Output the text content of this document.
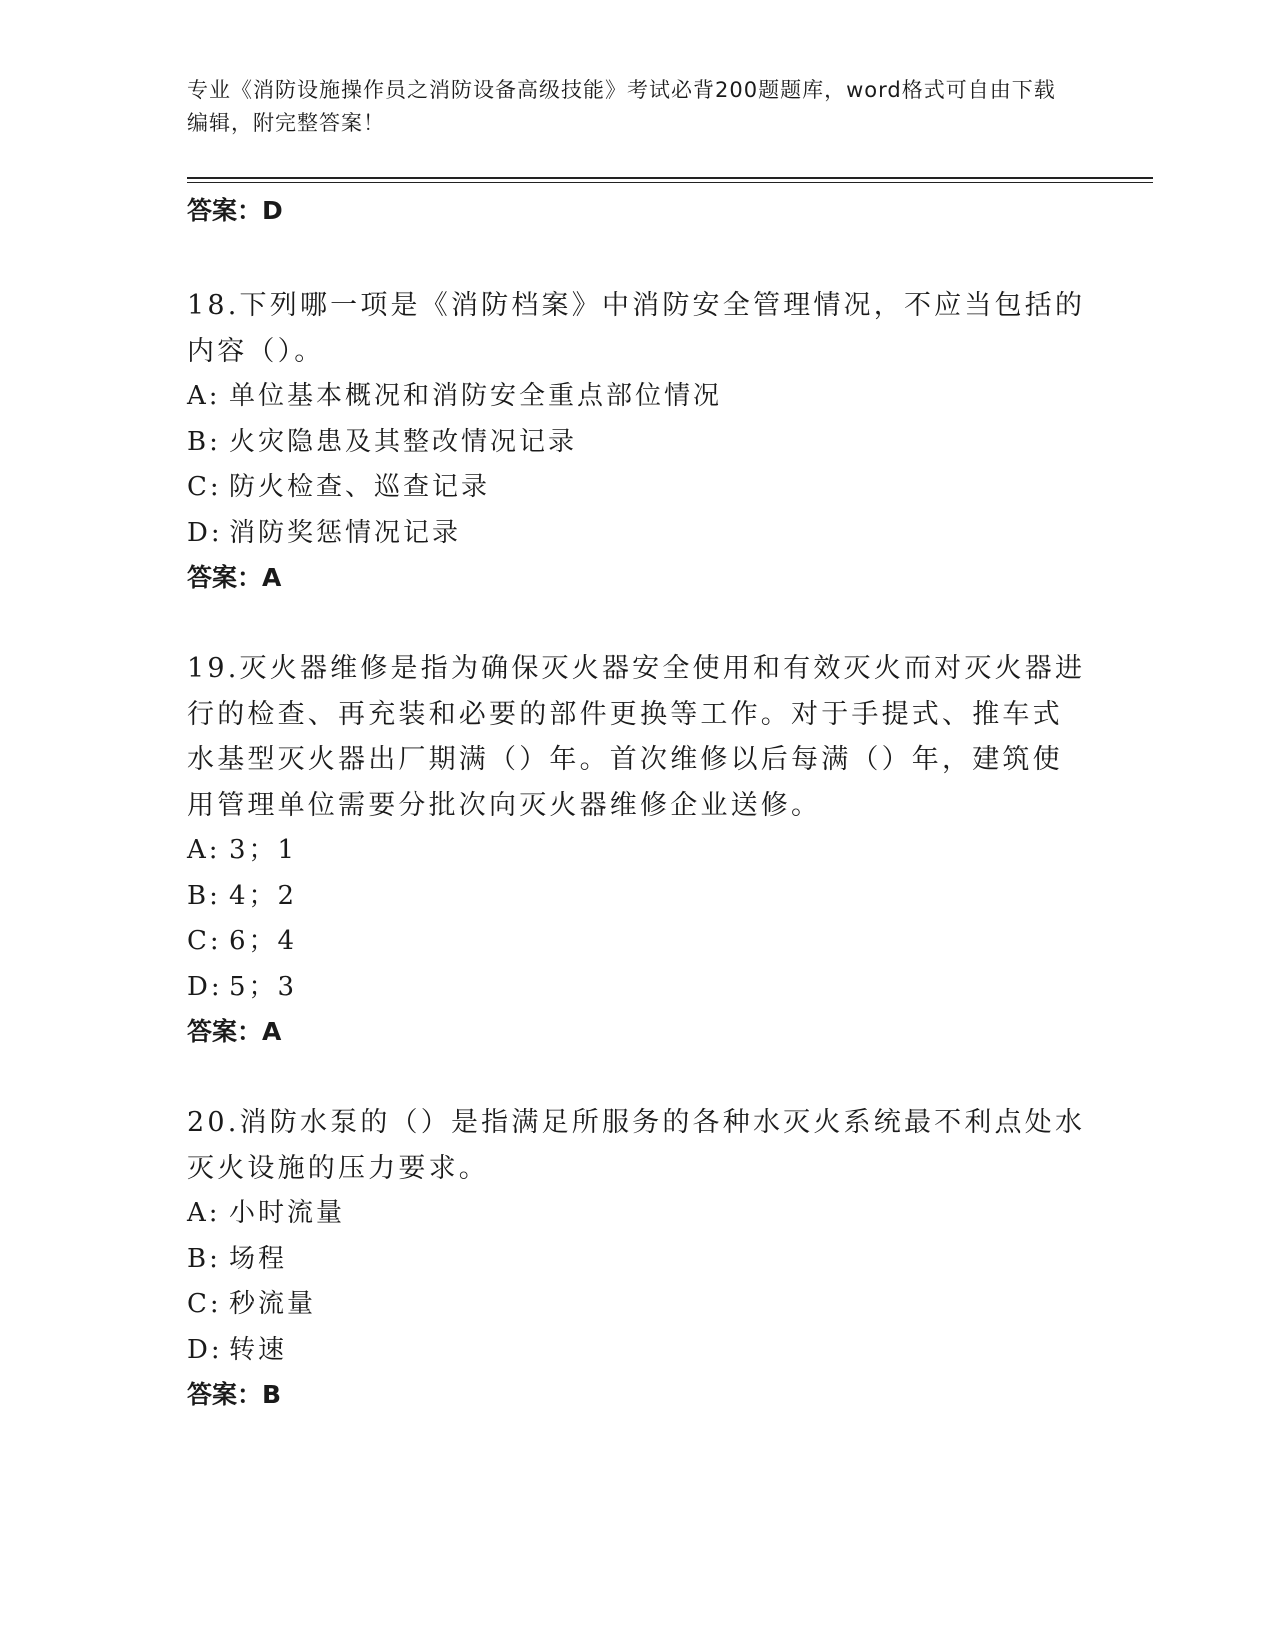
专业《消防设施操作员之消防设备高级技能》考试必背200题题库，word格式可自由下载编辑，附完整答案！
答案：D

18.下列哪一项是《消防档案》中消防安全管理情况，不应当包括的内容（）。

A: 单位基本概况和消防安全重点部位情况
B: 火灾隐患及其整改情况记录
C: 防火检查、巡查记录
D: 消防奖惩情况记录
答案：A

19.灭火器维修是指为确保灭火器安全使用和有效灭火而对灭火器进行的检查、再充装和必要的部件更换等工作。对于手提式、推车式水基型灭火器出厂期满（）年。首次维修以后每满（）年，建筑使用管理单位需要分批次向灭火器维修企业送修。

A: 3；1
B: 4；2
C: 6；4
D: 5；3
答案：A

20.消防水泵的（）是指满足所服务的各种水灭火系统最不利点处水灭火设施的压力要求。

A: 小时流量
B: 场程
C: 秒流量
D: 转速
答案：B
